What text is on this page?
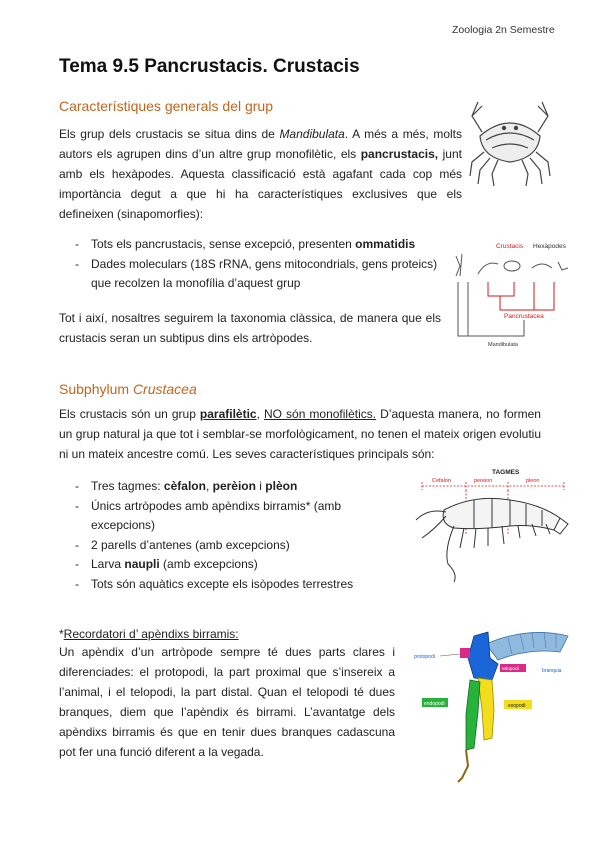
Zoologia 2n Semestre
Tema 9.5 Pancrustacis. Crustacis
Característiques generals del grup

Els grup dels crustacis se situa dins de Mandibulata. A més a més, molts autors els agrupen dins d’un altre grup monofilètic, els pancrustacis, junt amb els hexàpodes. Aquesta classificació està agafant cada cop més importància degut a que hi ha característiques exclusives que els defineixen (sinapomorfies):

- Tots els pancrustacis, sense excepció, presenten ommatidis
- Dades moleculars (18S rRNA, gens mitocondrials, gens proteics)
que recolzen la monofília d’aquest grup

Tot i així, nosaltres seguirem la taxonomia clàssica, de manera que els crustacis seran un subtipus dins els artròpodes.

Crustacis Hexàpodes
Pancrustacea
Mandibulata
Subphylum Crustacea

Els crustacis són un grup parafilètic, NO són monofilètics. D’aquesta manera, no formen un grup natural ja que tot i semblar-se morfològicament, no tenen el mateix origen evolutiu ni un mateix ancestre comú. Les seves característiques principals són:

- Tres tagmes: cèfalon, perèion i plèon
- Únics artròpodes amb apèndixs birramis* (amb
excepcions)
- 2 parells d’antenes (amb excepcions)
- Larva naupli (amb excepcions)
- Tots són aquàtics excepte els isòpodes terrestres
TAGMES
Cefalon	pereion	pleon
*Recordatori d’ apèndixs birramis:

Un apèndix d’un artròpode sempre té dues parts clares i diferenciades: el protopodi, la part proximal que s’insereix a l’animal, i el telopodi, la part distal. Quan el telopodi té dues branques, diem que l’apèndix és birrami. L’avantatge dels apèndixs birramis és que en tenir dues branques cadascuna pot fer una funció diferent a la vegada.

protopodi
telopodi
endopodi	exopodi
branquia
